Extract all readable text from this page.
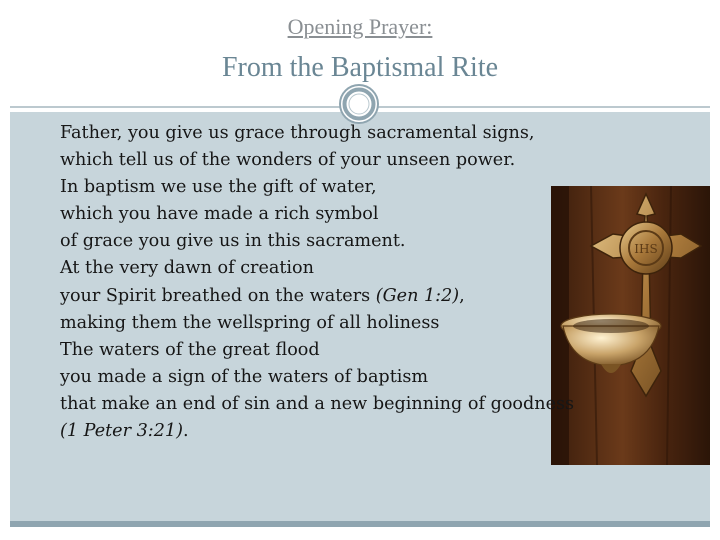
Opening Prayer:
From the Baptismal Rite
IHS
Father, you give us grace through sacramental signs,
which tell us of the wonders of your unseen power.
In baptism we use the gift of water,
which you have made a rich symbol
of grace you give us in this sacrament.
At the very dawn of creation
your Spirit breathed on the waters (Gen 1:2),
making them the wellspring of all holiness
The waters of the great flood
you made a sign of the waters of baptism
that make an end of sin and a new beginning of goodness
(1 Peter 3:21).
